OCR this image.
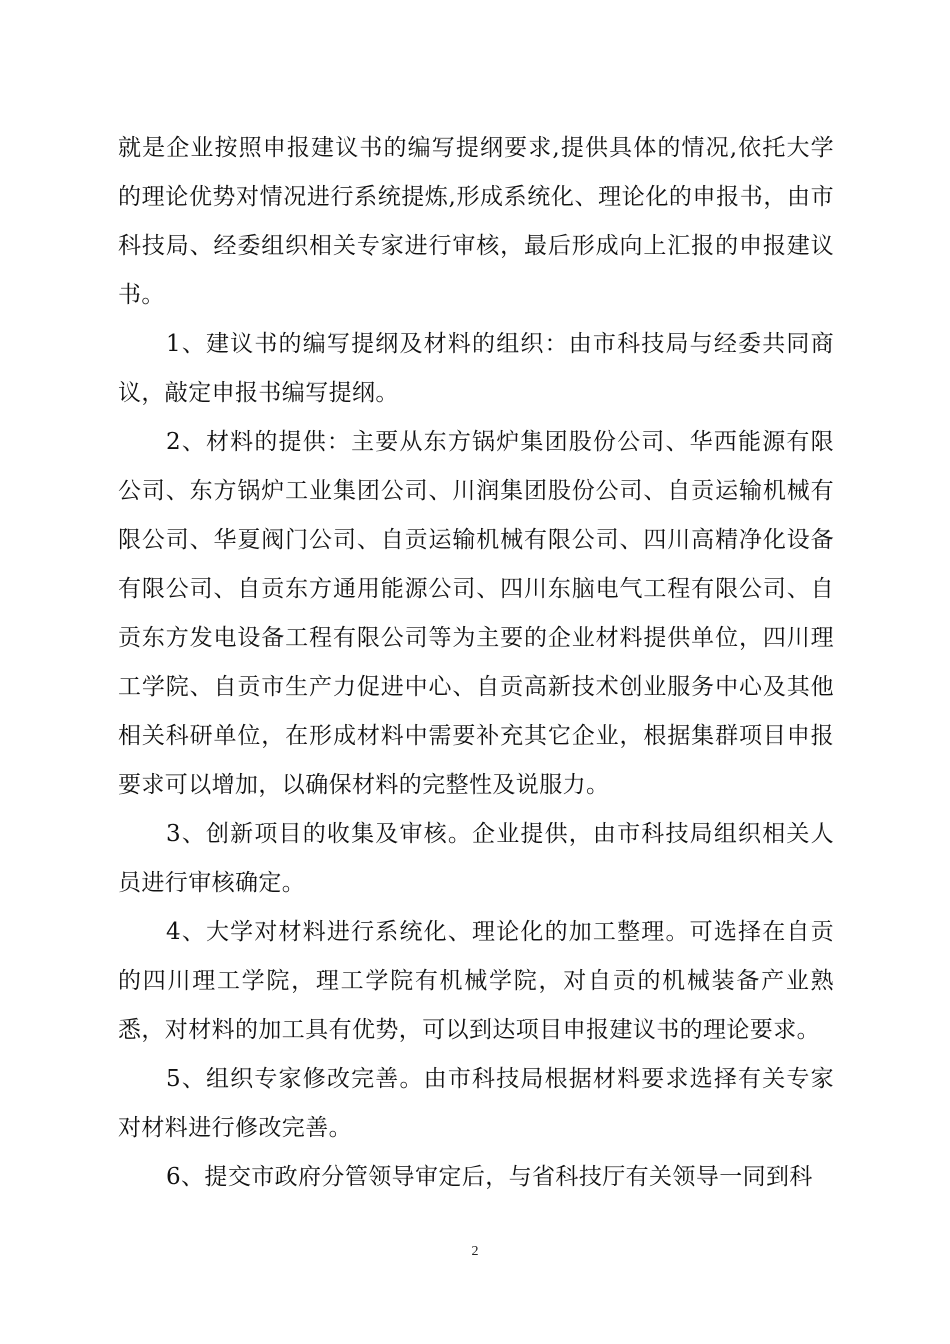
就是企业按照申报建议书的编写提纲要求,提供具体的情况,依托大学的理论优势对情况进行系统提炼,形成系统化、理论化的申报书，由市科技局、经委组织相关专家进行审核，最后形成向上汇报的申报建议书。

1、建议书的编写提纲及材料的组织：由市科技局与经委共同商议，敲定申报书编写提纲。

2、材料的提供：主要从东方锅炉集团股份公司、华西能源有限公司、东方锅炉工业集团公司、川润集团股份公司、自贡运输机械有限公司、华夏阀门公司、自贡运输机械有限公司、四川高精净化设备有限公司、自贡东方通用能源公司、四川东脑电气工程有限公司、自贡东方发电设备工程有限公司等为主要的企业材料提供单位，四川理工学院、自贡市生产力促进中心、自贡高新技术创业服务中心及其他相关科研单位，在形成材料中需要补充其它企业，根据集群项目申报要求可以增加，以确保材料的完整性及说服力。

3、创新项目的收集及审核。企业提供，由市科技局组织相关人员进行审核确定。

4、大学对材料进行系统化、理论化的加工整理。可选择在自贡的四川理工学院，理工学院有机械学院，对自贡的机械装备产业熟悉，对材料的加工具有优势，可以到达项目申报建议书的理论要求。

5、组织专家修改完善。由市科技局根据材料要求选择有关专家对材料进行修改完善。

6、提交市政府分管领导审定后，与省科技厅有关领导一同到科

2
